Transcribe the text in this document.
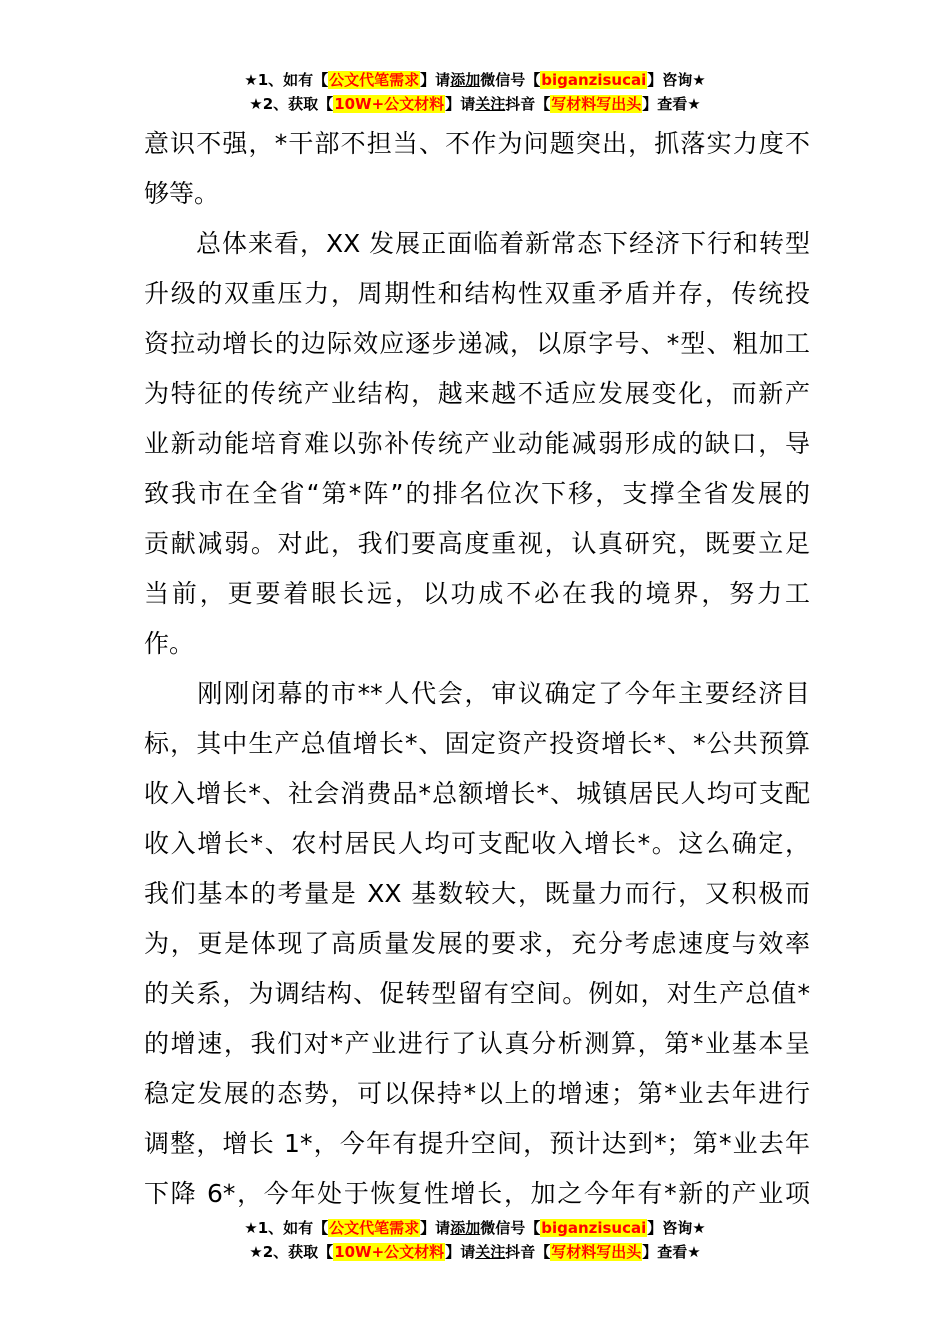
★1、如有【公文代笔需求】请添加微信号【biganzisucai】咨询★
★2、获取【10W+公文材料】请关注抖音【写材料写出头】查看★
意识不强，*干部不担当、不作为问题突出，抓落实力度不
够等。
　　总体来看，XX 发展正面临着新常态下经济下行和转型
升级的双重压力，周期性和结构性双重矛盾并存，传统投
资拉动增长的边际效应逐步递减，以原字号、*型、粗加工
为特征的传统产业结构，越来越不适应发展变化，而新产
业新动能培育难以弥补传统产业动能减弱形成的缺口，导
致我市在全省“第*阵”的排名位次下移，支撑全省发展的
贡献减弱。对此，我们要高度重视，认真研究，既要立足
当前，更要着眼长远，以功成不必在我的境界，努力工
作。
　　刚刚闭幕的市**人代会，审议确定了今年主要经济目
标，其中生产总值增长*、固定资产投资增长*、*公共预算
收入增长*、社会消费品*总额增长*、城镇居民人均可支配
收入增长*、农村居民人均可支配收入增长*。这么确定，
我们基本的考量是 XX 基数较大，既量力而行，又积极而
为，更是体现了高质量发展的要求，充分考虑速度与效率
的关系，为调结构、促转型留有空间。例如，对生产总值*
的增速，我们对*产业进行了认真分析测算，第*业基本呈
稳定发展的态势，可以保持*以上的增速；第*业去年进行
调整，增长 1*，今年有提升空间，预计达到*；第*业去年
下降 6*，今年处于恢复性增长，加之今年有*新的产业项
★1、如有【公文代笔需求】请添加微信号【biganzisucai】咨询★
★2、获取【10W+公文材料】请关注抖音【写材料写出头】查看★
